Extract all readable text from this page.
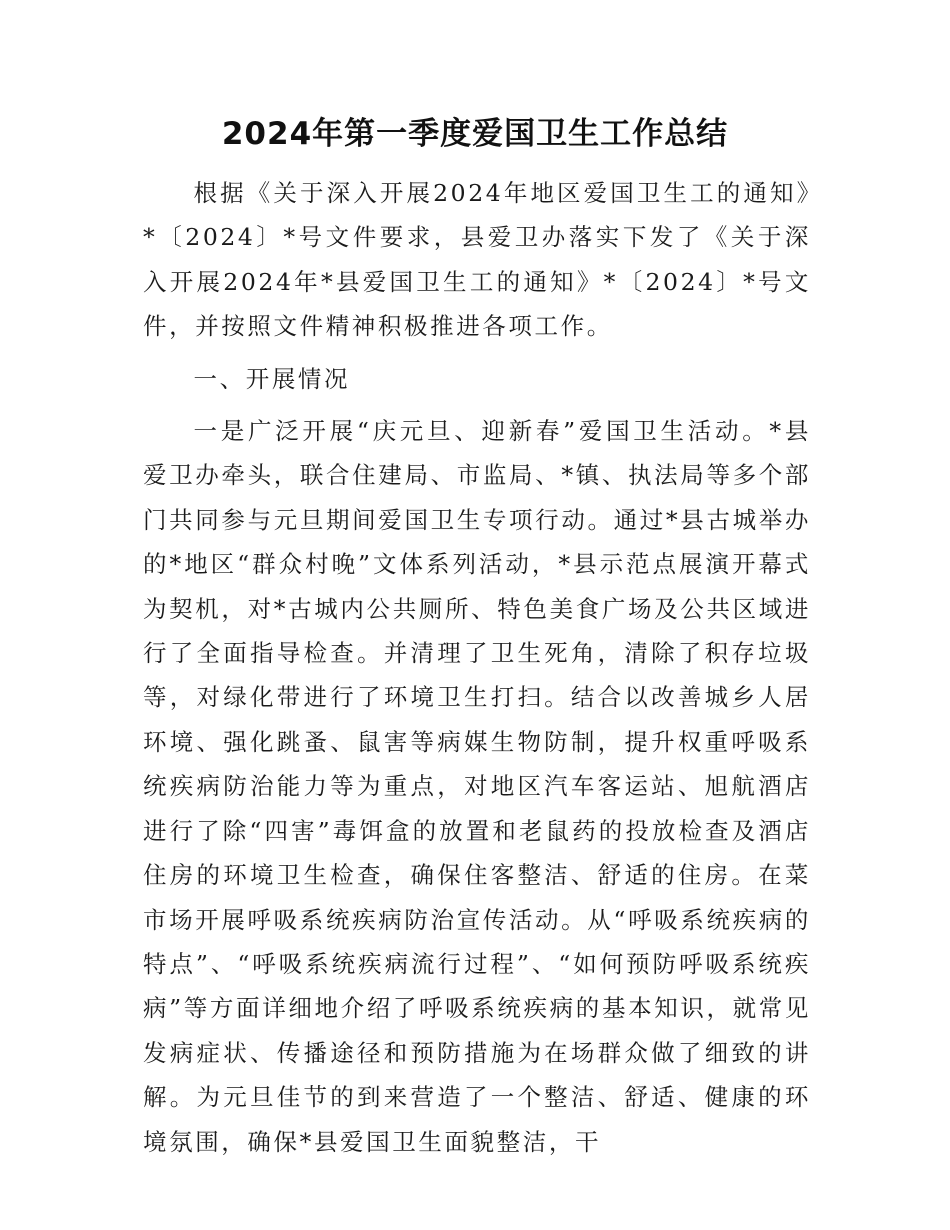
2024年第一季度爱国卫生工作总结

根据《关于深入开展2024年地区爱国卫生工的通知》*〔2024〕*号文件要求，县爱卫办落实下发了《关于深入开展2024年*县爱国卫生工的通知》*〔2024〕*号文件，并按照文件精神积极推进各项工作。

一、开展情况

一是广泛开展“庆元旦、迎新春”爱国卫生活动。*县爱卫办牵头，联合住建局、市监局、*镇、执法局等多个部门共同参与元旦期间爱国卫生专项行动。通过*县古城举办的*地区“群众村晚”文体系列活动，*县示范点展演开幕式为契机，对*古城内公共厕所、特色美食广场及公共区域进行了全面指导检查。并清理了卫生死角，清除了积存垃圾等，对绿化带进行了环境卫生打扫。结合以改善城乡人居环境、强化跳蚤、鼠害等病媒生物防制，提升权重呼吸系统疾病防治能力等为重点，对地区汽车客运站、旭航酒店进行了除“四害”毒饵盒的放置和老鼠药的投放检查及酒店住房的环境卫生检查，确保住客整洁、舒适的住房。在菜市场开展呼吸系统疾病防治宣传活动。从“呼吸系统疾病的特点”、“呼吸系统疾病流行过程”、“如何预防呼吸系统疾病”等方面详细地介绍了呼吸系统疾病的基本知识，就常见发病症状、传播途径和预防措施为在场群众做了细致的讲解。为元旦佳节的到来营造了一个整洁、舒适、健康的环境氛围，确保*县爱国卫生面貌整洁，干
